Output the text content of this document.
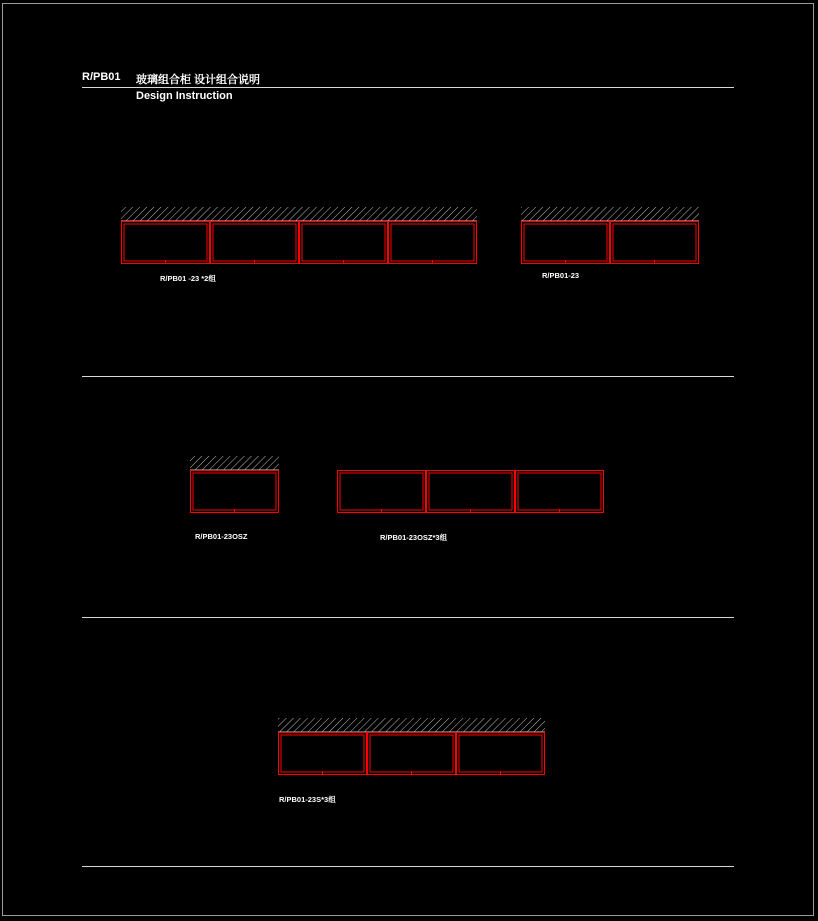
R/PB01 玻璃组合柜 设计组合说明
Design Instruction
R/PB01 -23 *2组	R/PB01-23
R/PB01-23OSZ	R/PB01-23OSZ*3组
R/PB01-23S*3组
